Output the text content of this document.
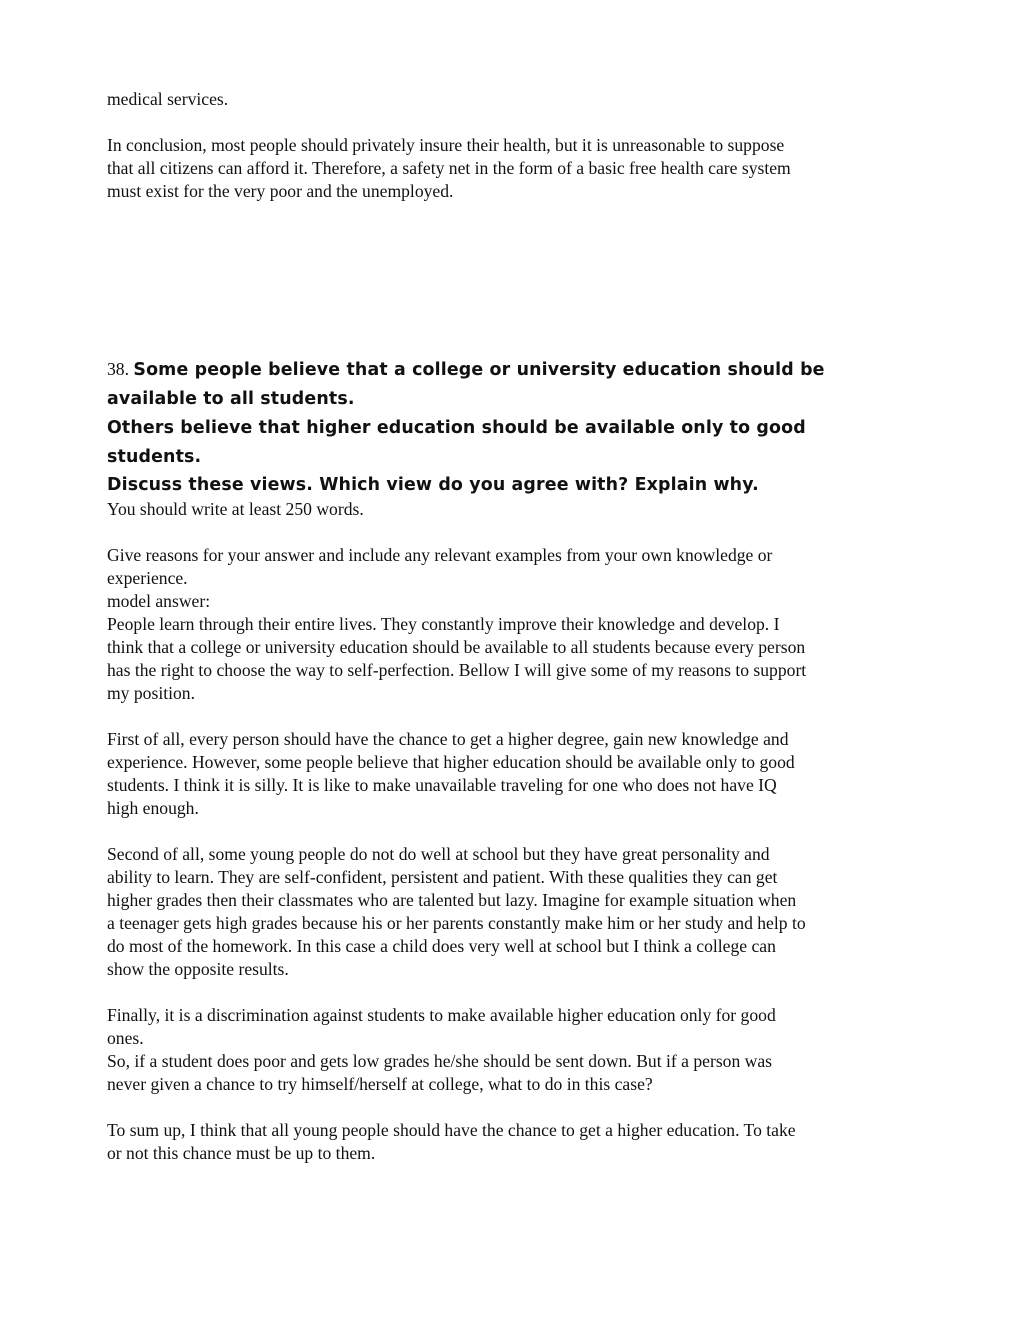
medical services.
In conclusion, most people should privately insure their health, but it is unreasonable to suppose
that all citizens can afford it. Therefore, a safety net in the form of a basic free health care system
must exist for the very poor and the unemployed.
38. Some people believe that a college or university education should be
available to all students.
Others believe that higher education should be available only to good
students.
Discuss these views. Which view do you agree with? Explain why.
You should write at least 250 words.
Give reasons for your answer and include any relevant examples from your own knowledge or
experience.
model answer:
People learn through their entire lives. They constantly improve their knowledge and develop. I
think that a college or university education should be available to all students because every person
has the right to choose the way to self-perfection. Bellow I will give some of my reasons to support
my position.
First of all, every person should have the chance to get a higher degree, gain new knowledge and
experience. However, some people believe that higher education should be available only to good
students. I think it is silly. It is like to make unavailable traveling for one who does not have IQ
high enough.
Second of all, some young people do not do well at school but they have great personality and
ability to learn. They are self-confident, persistent and patient. With these qualities they can get
higher grades then their classmates who are talented but lazy. Imagine for example situation when
a teenager gets high grades because his or her parents constantly make him or her study and help to
do most of the homework. In this case a child does very well at school but I think a college can
show the opposite results.
Finally, it is a discrimination against students to make available higher education only for good
ones.
So, if a student does poor and gets low grades he/she should be sent down. But if a person was
never given a chance to try himself/herself at college, what to do in this case?
To sum up, I think that all young people should have the chance to get a higher education. To take
or not this chance must be up to them.
